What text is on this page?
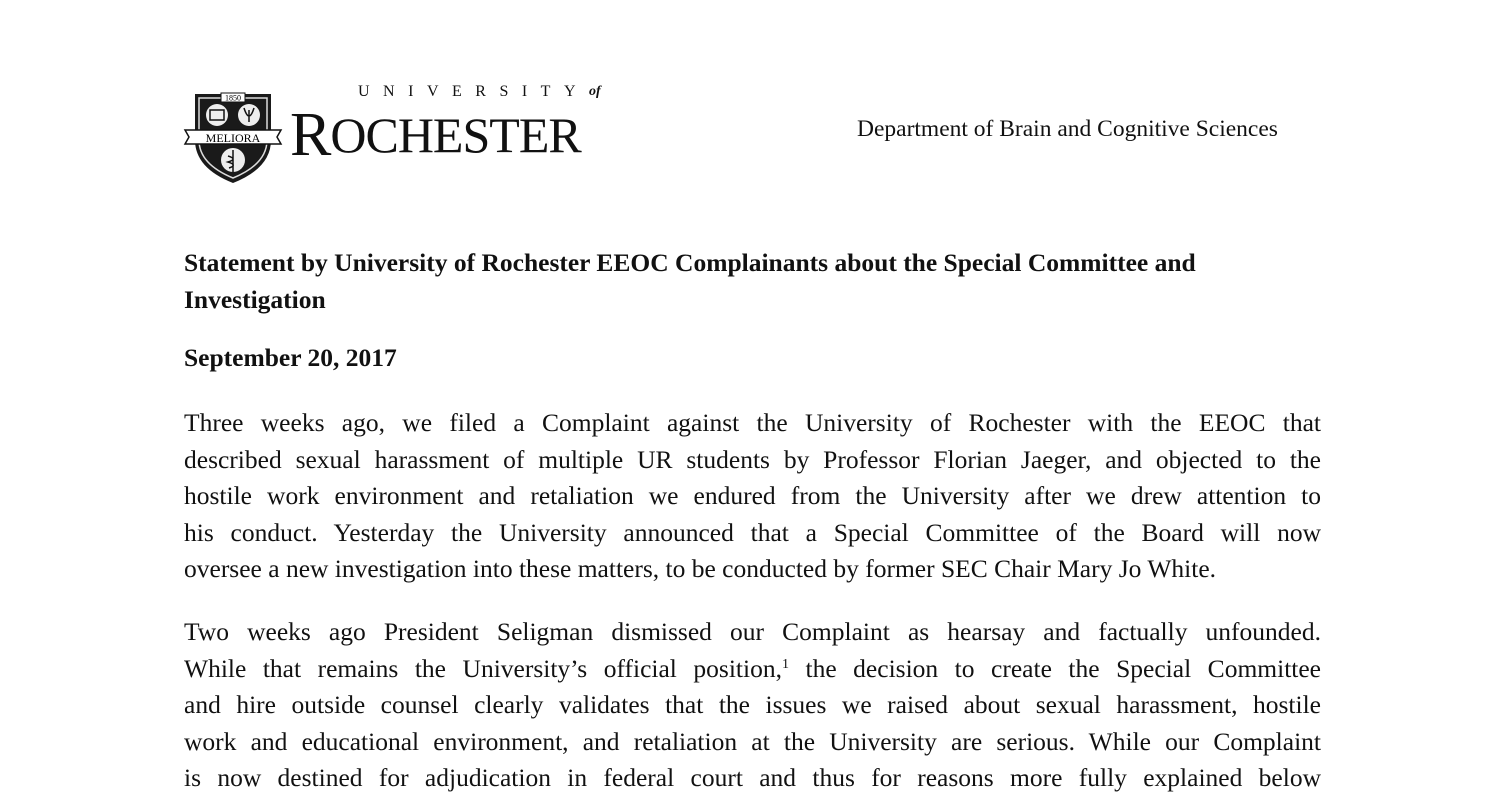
1850
MELIORA
UNIVERSITYof
ROCHESTER	Department of Brain and Cognitive Sciences
Statement by University of Rochester EEOC Complainants about the Special Committee and
Investigation
September 20, 2017
Three weeks ago, we filed a Complaint against the University of Rochester with the EEOC that
described sexual harassment of multiple UR students by Professor Florian Jaeger, and objected to the
hostile work environment and retaliation we endured from the University after we drew attention to
his conduct. Yesterday the University announced that a Special Committee of the Board will now
oversee a new investigation into these matters, to be conducted by former SEC Chair Mary Jo White.
Two weeks ago President Seligman dismissed our Complaint as hearsay and factually unfounded.
While that remains the University’s official position,$^1$ the decision to create the Special Committee
and hire outside counsel clearly validates that the issues we raised about sexual harassment, hostile
work and educational environment, and retaliation at the University are serious. While our Complaint
is now destined for adjudication in federal court and thus for reasons more fully explained below
